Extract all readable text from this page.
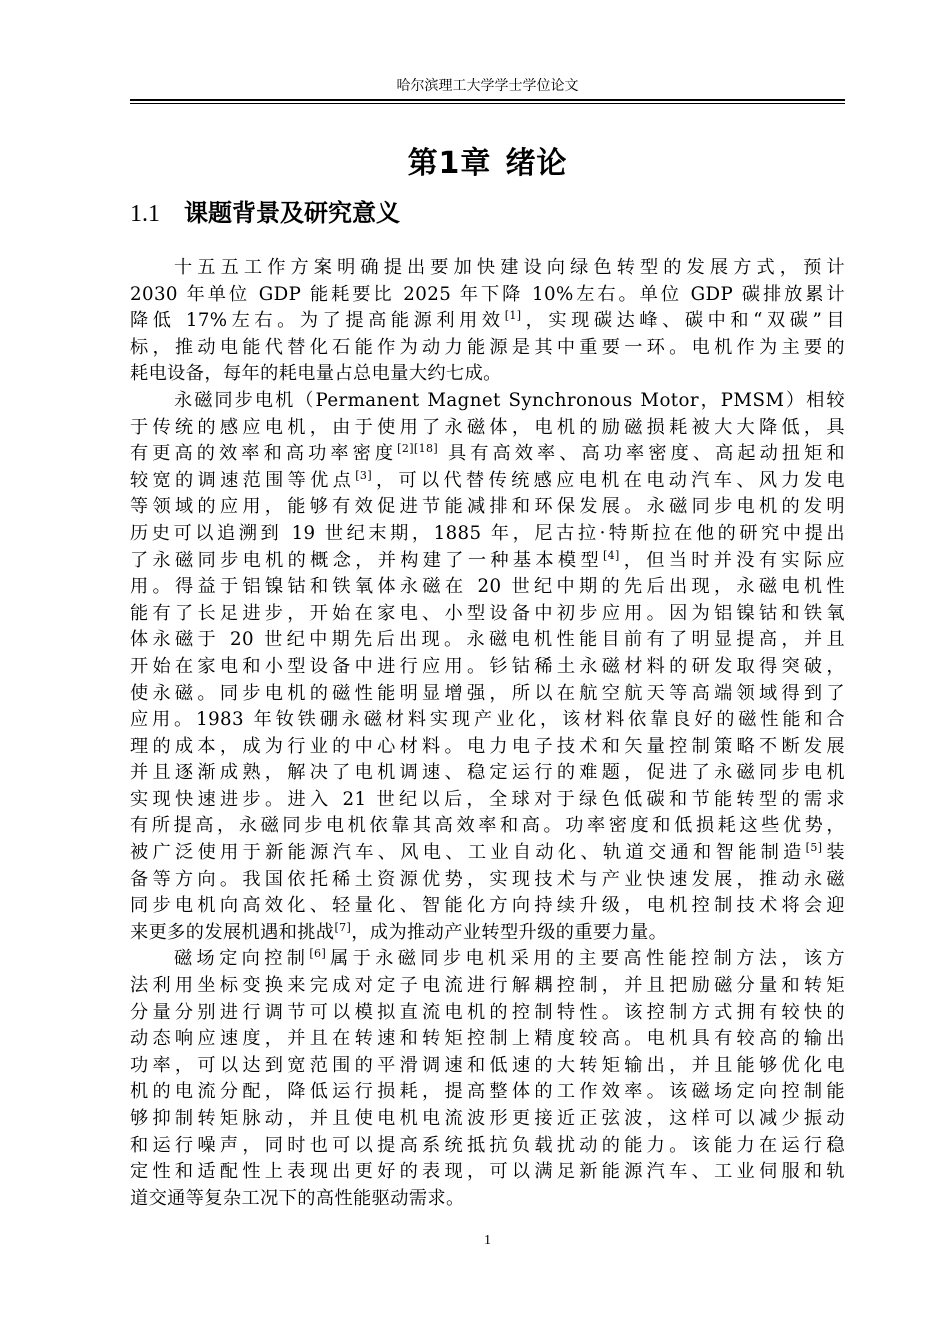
哈尔滨理工大学学士学位论文
第1章 绪论
1.1 课题背景及研究意义
十五五工作方案明确提出要加快建设向绿色转型的发展方式，预计
2030 年单位 GDP 能耗要比 2025 年下降 10%左右。单位 GDP 碳排放累计
降低 17%左右。为了提高能源利用效[1]，实现碳达峰、碳中和“双碳”目
标，推动电能代替化石能作为动力能源是其中重要一环。电机作为主要的
耗电设备，每年的耗电量占总电量大约七成。
永磁同步电机（Permanent Magnet Synchronous Motor，PMSM）相较
于传统的感应电机，由于使用了永磁体，电机的励磁损耗被大大降低，具
有更高的效率和高功率密度[2][18] 具有高效率、高功率密度、高起动扭矩和
较宽的调速范围等优点[3]，可以代替传统感应电机在电动汽车、风力发电
等领域的应用，能够有效促进节能减排和环保发展。永磁同步电机的发明
历史可以追溯到 19 世纪末期，1885 年，尼古拉·特斯拉在他的研究中提出
了永磁同步电机的概念，并构建了一种基本模型[4]，但当时并没有实际应
用。得益于铝镍钴和铁氧体永磁在 20 世纪中期的先后出现，永磁电机性
能有了长足进步，开始在家电、小型设备中初步应用。因为铝镍钴和铁氧
体永磁于 20 世纪中期先后出现。永磁电机性能目前有了明显提高，并且
开始在家电和小型设备中进行应用。钐钴稀土永磁材料的研发取得突破，
使永磁。同步电机的磁性能明显增强，所以在航空航天等高端领域得到了
应用。1983 年钕铁硼永磁材料实现产业化，该材料依靠良好的磁性能和合
理的成本，成为行业的中心材料。电力电子技术和矢量控制策略不断发展
并且逐渐成熟，解决了电机调速、稳定运行的难题，促进了永磁同步电机
实现快速进步。进入 21 世纪以后，全球对于绿色低碳和节能转型的需求
有所提高，永磁同步电机依靠其高效率和高。功率密度和低损耗这些优势，
被广泛使用于新能源汽车、风电、工业自动化、轨道交通和智能制造[5]装
备等方向。我国依托稀土资源优势，实现技术与产业快速发展，推动永磁
同步电机向高效化、轻量化、智能化方向持续升级，电机控制技术将会迎
来更多的发展机遇和挑战[7]，成为推动产业转型升级的重要力量。
磁场定向控制[6]属于永磁同步电机采用的主要高性能控制方法，该方
法利用坐标变换来完成对定子电流进行解耦控制，并且把励磁分量和转矩
分量分别进行调节可以模拟直流电机的控制特性。该控制方式拥有较快的
动态响应速度，并且在转速和转矩控制上精度较高。电机具有较高的输出
功率，可以达到宽范围的平滑调速和低速的大转矩输出，并且能够优化电
机的电流分配，降低运行损耗，提高整体的工作效率。该磁场定向控制能
够抑制转矩脉动，并且使电机电流波形更接近正弦波，这样可以减少振动
和运行噪声，同时也可以提高系统抵抗负载扰动的能力。该能力在运行稳
定性和适配性上表现出更好的表现，可以满足新能源汽车、工业伺服和轨
道交通等复杂工况下的高性能驱动需求。
1
